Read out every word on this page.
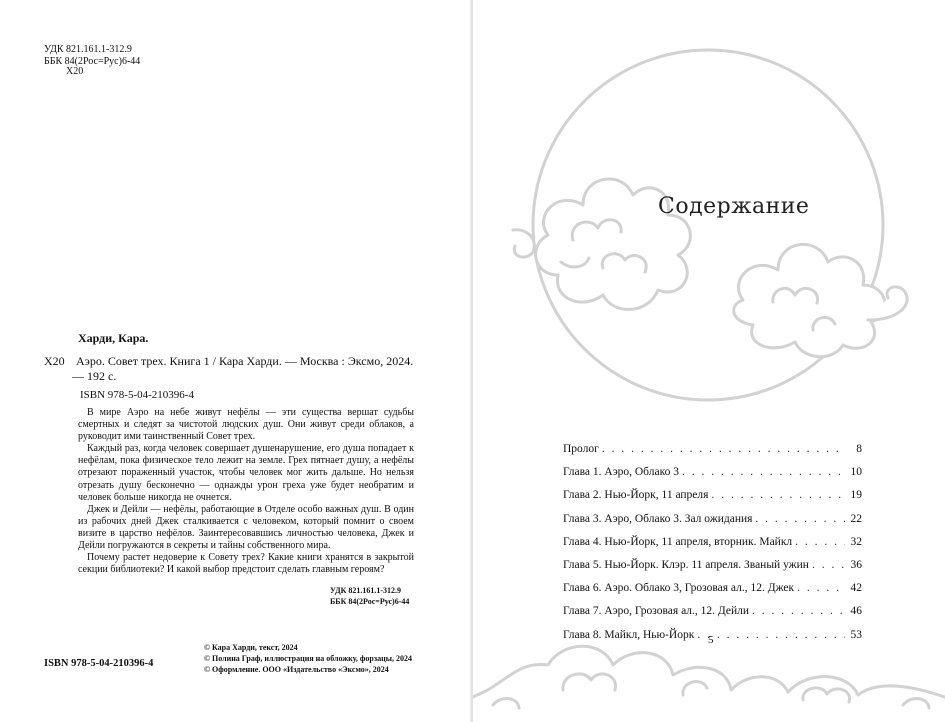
УДК 821.161.1-312.9
ББК 84(2Рос=Рус)6-44
Х20
Харди, Кара.
Х20 Аэро. Совет трех. Книга 1 / Кара Харди. — Москва : Эксмо, 2024. — 192 с.
ISBN 978-5-04-210396-4

В мире Аэро на небе живут нефёлы — эти существа вершат судьбы смертных и следят за чистотой людских душ. Они живут среди облаков, а руководит ими таинственный Совет трех.

Каждый раз, когда человек совершает душенарушение, его душа попадает к нефёлам, пока физическое тело лежит на земле. Грех пятнает душу, а нефёлы отрезают пораженный участок, чтобы человек мог жить дальше. Но нельзя отрезать душу бесконечно — однажды урон греха уже будет необратим и человек больше никогда не очнется.

Джек и Дейли — нефёлы, работающие в Отделе особо важных душ. В один из рабочих дней Джек сталкивается с человеком, который помнит о своем визите в царство нефёлов. Заинтересовавшись личностью человека, Джек и Дейли погружаются в секреты и тайны собственного мира.

Почему растет недоверие к Совету трех? Какие книги хранятся в закрытой секции библиотеки? И какой выбор предстоит сделать главным героям?

УДК 821.161.1-312.9
ББК 84(2Рос=Рус)6-44
ISBN 978-5-04-210396-4
© Кара Харди, текст, 2024
© Полина Граф, иллюстрация на обложку, форзацы, 2024
© Оформление. ООО «Издательство «Эксмо», 2024
Содержание
Пролог . . .	8
Глава 1. Аэро, Облако 3 . . .	10
Глава 2. Нью-Йорк, 11 апреля . . .	19
Глава 3. Аэро, Облако 3. Зал ожидания . . .	22
Глава 4. Нью-Йорк, 11 апреля, вторник. Майкл . . .	32
Глава 5. Нью-Йорк. Клэр. 11 апреля. Званый ужин . . .	36
Глава 6. Аэро. Облако 3, Грозовая ал., 12. Джек . . .	42
Глава 7. Аэро, Грозовая ал., 12. Дейли . . .	46
Глава 8. Майкл, Нью-Йорк . . .	53
5
